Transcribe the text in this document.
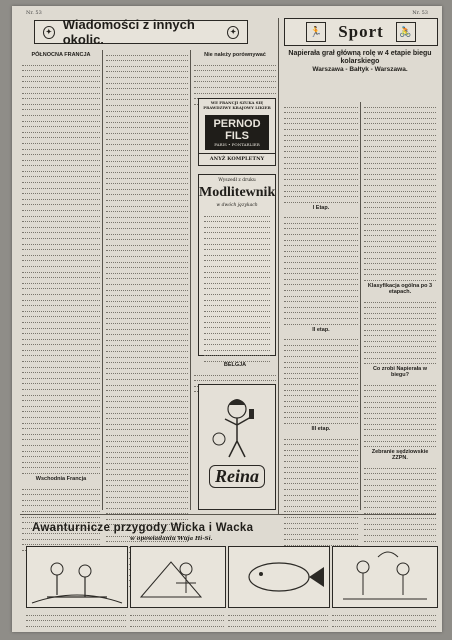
Nr. 53	Nr. 53
✦
Wiadomości z innych okolic.	✦	🏃 Sport	🚴
PÓŁNOCNA FRANCJA
Wschodnia Francja
Nie należy porównywać
WE FRANCJI SZUKA SIĘ PRAWDZIWY KRAJOWY LIKIER
PERNOD FILS
PARIS • PONTARLIER
ANYŻ KOMPLETNY
Wyszedł z druku
Modlitewnik
w dwóch językach
BELGJA
Reina
Napierała grał główną rolę w 4 etapie biegu kolarskiego
Warszawa - Bałtyk - Warszawa.
I Etap.
II etap.
III etap.
Klasyfikacja ogólna po 3 etapach.
Co zrobi Napierała w biegu?
Zebranie sędziowskie ZZPN.
Awanturnicze przygody Wicka i Wacka
w opowiadaniu Wuja Hi-Si.
